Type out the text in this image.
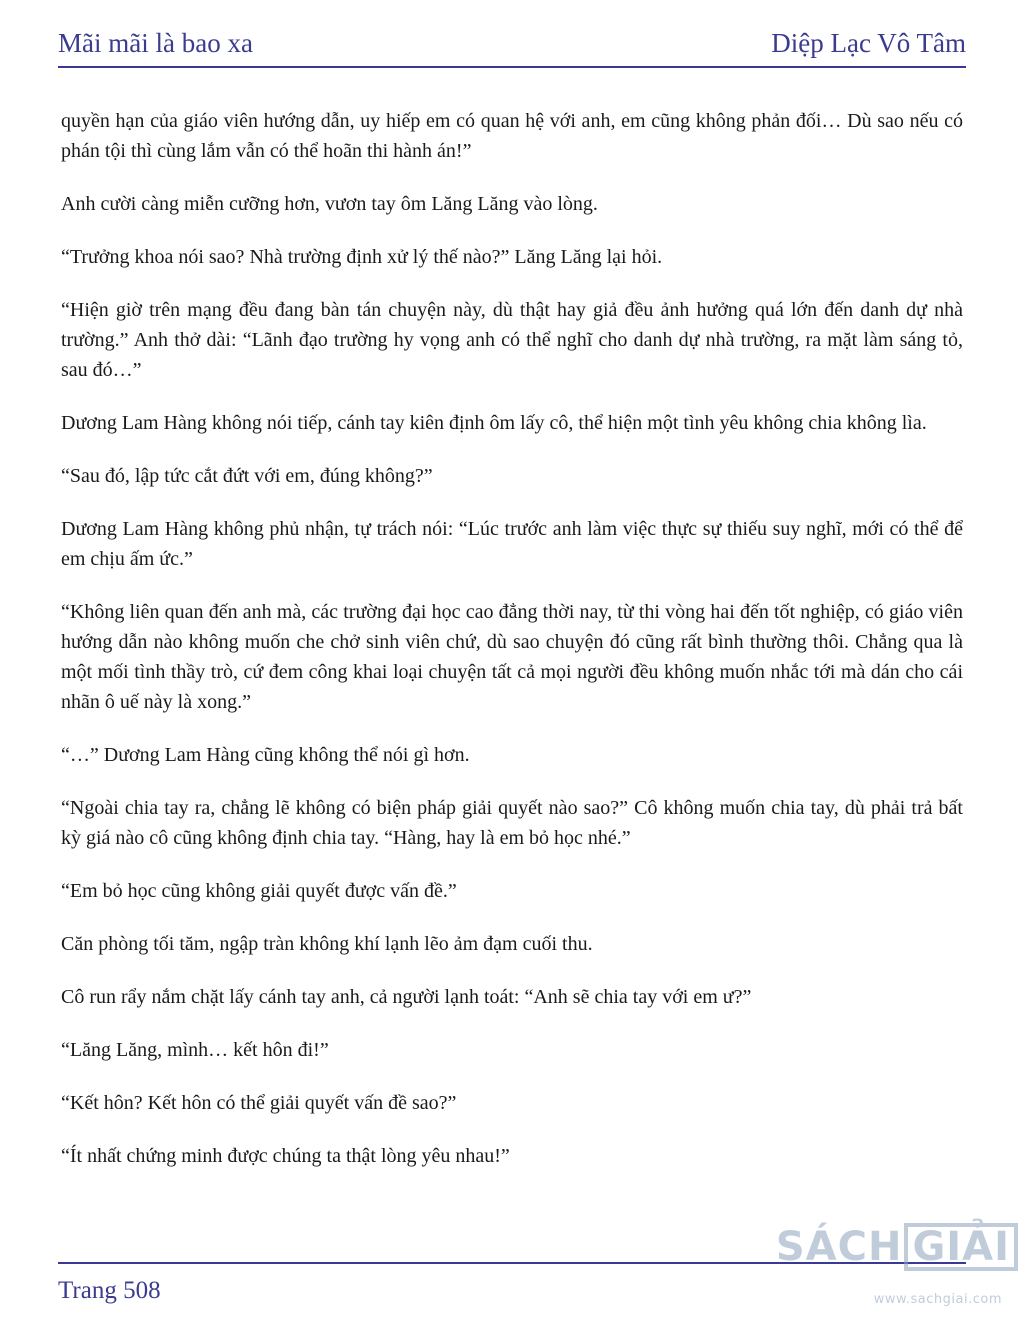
Mãi mãi là bao xa	Diệp Lạc Vô Tâm

quyền hạn của giáo viên hướng dẫn, uy hiếp em có quan hệ với anh, em cũng không phản đối… Dù sao nếu có phán tội thì cùng lắm vẫn có thể hoãn thi hành án!”

Anh cười càng miễn cưỡng hơn, vươn tay ôm Lăng Lăng vào lòng.

“Trưởng khoa nói sao? Nhà trường định xử lý thế nào?” Lăng Lăng lại hỏi.

“Hiện giờ trên mạng đều đang bàn tán chuyện này, dù thật hay giả đều ảnh hưởng quá lớn đến danh dự nhà trường.” Anh thở dài: “Lãnh đạo trường hy vọng anh có thể nghĩ cho danh dự nhà trường, ra mặt làm sáng tỏ, sau đó…”

Dương Lam Hàng không nói tiếp, cánh tay kiên định ôm lấy cô, thể hiện một tình yêu không chia không lìa.

“Sau đó, lập tức cắt đứt với em, đúng không?”

Dương Lam Hàng không phủ nhận, tự trách nói: “Lúc trước anh làm việc thực sự thiếu suy nghĩ, mới có thể để em chịu ấm ức.”

“Không liên quan đến anh mà, các trường đại học cao đẳng thời nay, từ thi vòng hai đến tốt nghiệp, có giáo viên hướng dẫn nào không muốn che chở sinh viên chứ, dù sao chuyện đó cũng rất bình thường thôi. Chẳng qua là một mối tình thầy trò, cứ đem công khai loại chuyện tất cả mọi người đều không muốn nhắc tới mà dán cho cái nhãn ô uế này là xong.”

“…” Dương Lam Hàng cũng không thể nói gì hơn.

“Ngoài chia tay ra, chẳng lẽ không có biện pháp giải quyết nào sao?” Cô không muốn chia tay, dù phải trả bất kỳ giá nào cô cũng không định chia tay. “Hàng, hay là em bỏ học nhé.”

“Em bỏ học cũng không giải quyết được vấn đề.”

Căn phòng tối tăm, ngập tràn không khí lạnh lẽo ảm đạm cuối thu.

Cô run rẩy nắm chặt lấy cánh tay anh, cả người lạnh toát: “Anh sẽ chia tay với em ư?”

“Lăng Lăng, mình… kết hôn đi!”

“Kết hôn? Kết hôn có thể giải quyết vấn đề sao?”

“Ít nhất chứng minh được chúng ta thật lòng yêu nhau!”

Trang 508
SÁCH GIẢI
www.sachgiai.com
